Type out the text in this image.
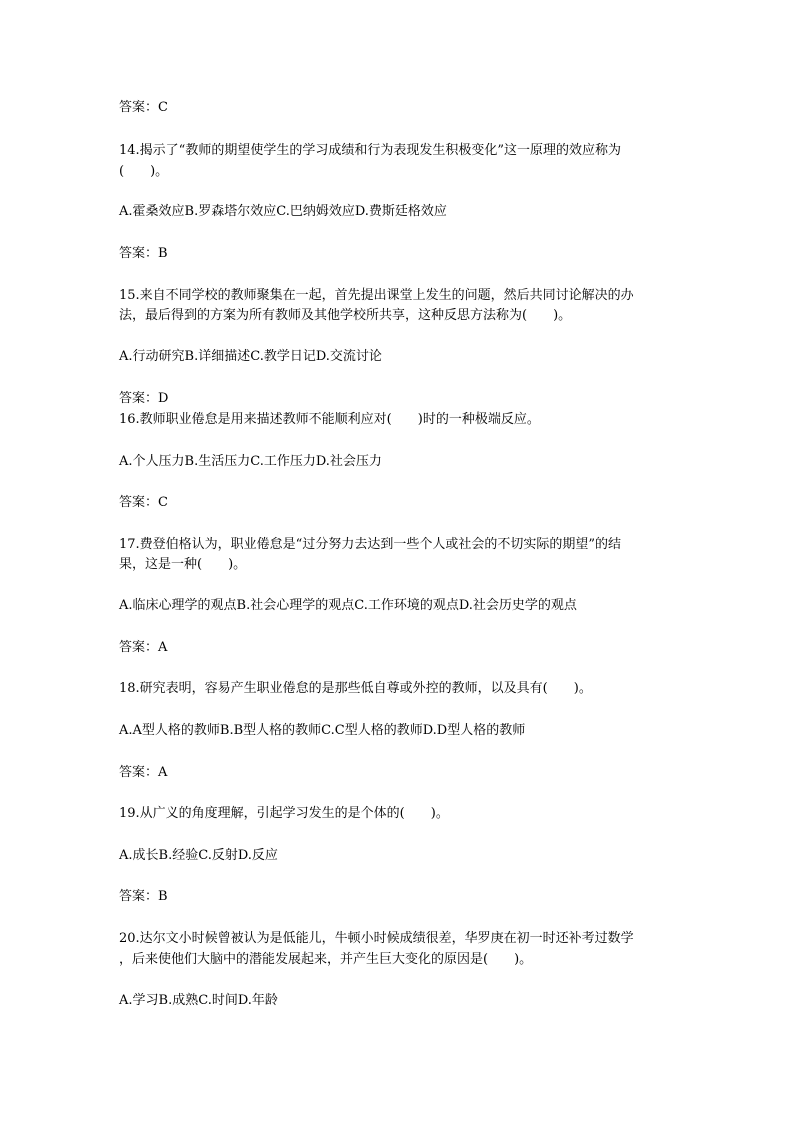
答案：C
14.揭示了“教师的期望使学生的学习成绩和行为表现发生积极变化”这一原理的效应称为
(　　)。
A.霍桑效应B.罗森塔尔效应C.巴纳姆效应D.费斯廷格效应
答案：B
15.来自不同学校的教师聚集在一起，首先提出课堂上发生的问题，然后共同讨论解决的办
法，最后得到的方案为所有教师及其他学校所共享，这种反思方法称为(　　)。
A.行动研究B.详细描述C.教学日记D.交流讨论
答案：D
16.教师职业倦怠是用来描述教师不能顺利应对(　　)时的一种极端反应。
A.个人压力B.生活压力C.工作压力D.社会压力
答案：C
17.费登伯格认为，职业倦怠是“过分努力去达到一些个人或社会的不切实际的期望”的结
果，这是一种(　　)。
A.临床心理学的观点B.社会心理学的观点C.工作环境的观点D.社会历史学的观点
答案：A
18.研究表明，容易产生职业倦怠的是那些低自尊或外控的教师，以及具有(　　)。
A.A型人格的教师B.B型人格的教师C.C型人格的教师D.D型人格的教师
答案：A
19.从广义的角度理解，引起学习发生的是个体的(　　)。
A.成长B.经验C.反射D.反应
答案：B
20.达尔文小时候曾被认为是低能儿，牛顿小时候成绩很差，华罗庚在初一时还补考过数学
，后来使他们大脑中的潜能发展起来，并产生巨大变化的原因是(　　)。
A.学习B.成熟C.时间D.年龄
